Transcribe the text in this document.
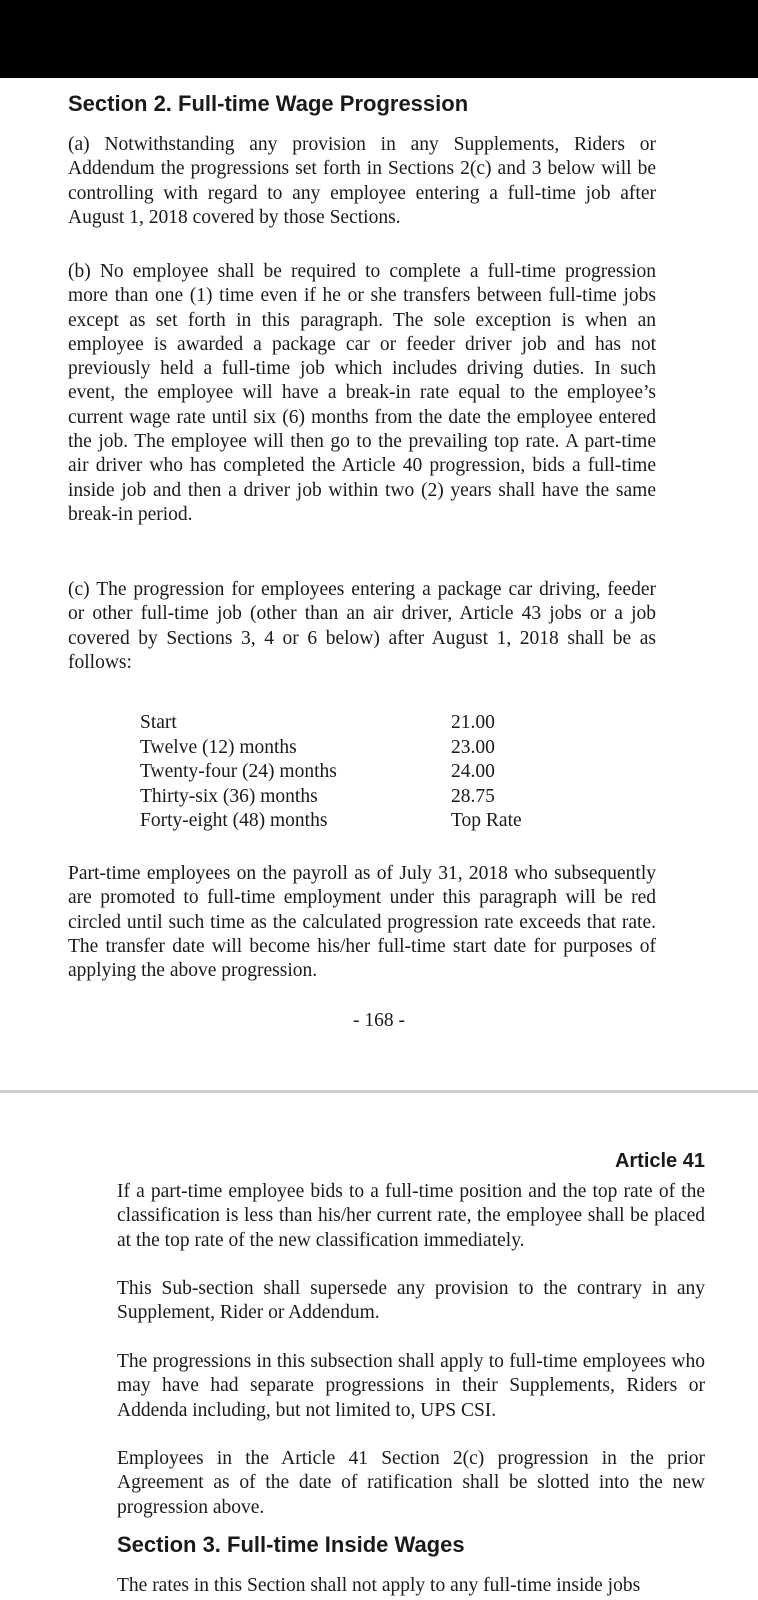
Section 2. Full-time Wage Progression

(a) Notwithstanding any provision in any Supplements, Riders or Addendum the progressions set forth in Sections 2(c) and 3 below will be controlling with regard to any employee entering a full-time job after August 1, 2018 covered by those Sections.

(b) No employee shall be required to complete a full-time progression more than one (1) time even if he or she transfers between full-time jobs except as set forth in this paragraph. The sole exception is when an employee is awarded a package car or feeder driver job and has not previously held a full-time job which includes driving duties. In such event, the employee will have a break-in rate equal to the employee’s current wage rate until six (6) months from the date the employee entered the job. The employee will then go to the prevailing top rate. A part-time air driver who has completed the Article 40 progression, bids a full-time inside job and then a driver job within two (2) years shall have the same break-in period.

(c) The progression for employees entering a package car driving, feeder or other full-time job (other than an air driver, Article 43 jobs or a job covered by Sections 3, 4 or 6 below) after August 1, 2018 shall be as follows:

Start	21.00
Twelve (12) months	23.00
Twenty-four (24) months	24.00
Thirty-six (36) months	28.75
Forty-eight (48) months	Top Rate

Part-time employees on the payroll as of July 31, 2018 who subsequently are promoted to full-time employment under this paragraph will be red circled until such time as the calculated progression rate exceeds that rate. The transfer date will become his/her full-time start date for purposes of applying the above progression.

- 168 -

Article 41

If a part-time employee bids to a full-time position and the top rate of the classification is less than his/her current rate, the employee shall be placed at the top rate of the new classification immediately.

This Sub-section shall supersede any provision to the contrary in any Supplement, Rider or Addendum.

The progressions in this subsection shall apply to full-time employees who may have had separate progressions in their Supplements, Riders or Addenda including, but not limited to, UPS CSI.

Employees in the Article 41 Section 2(c) progression in the prior Agreement as of the date of ratification shall be slotted into the new progression above.

Section 3. Full-time Inside Wages

The rates in this Section shall not apply to any full-time inside jobs
